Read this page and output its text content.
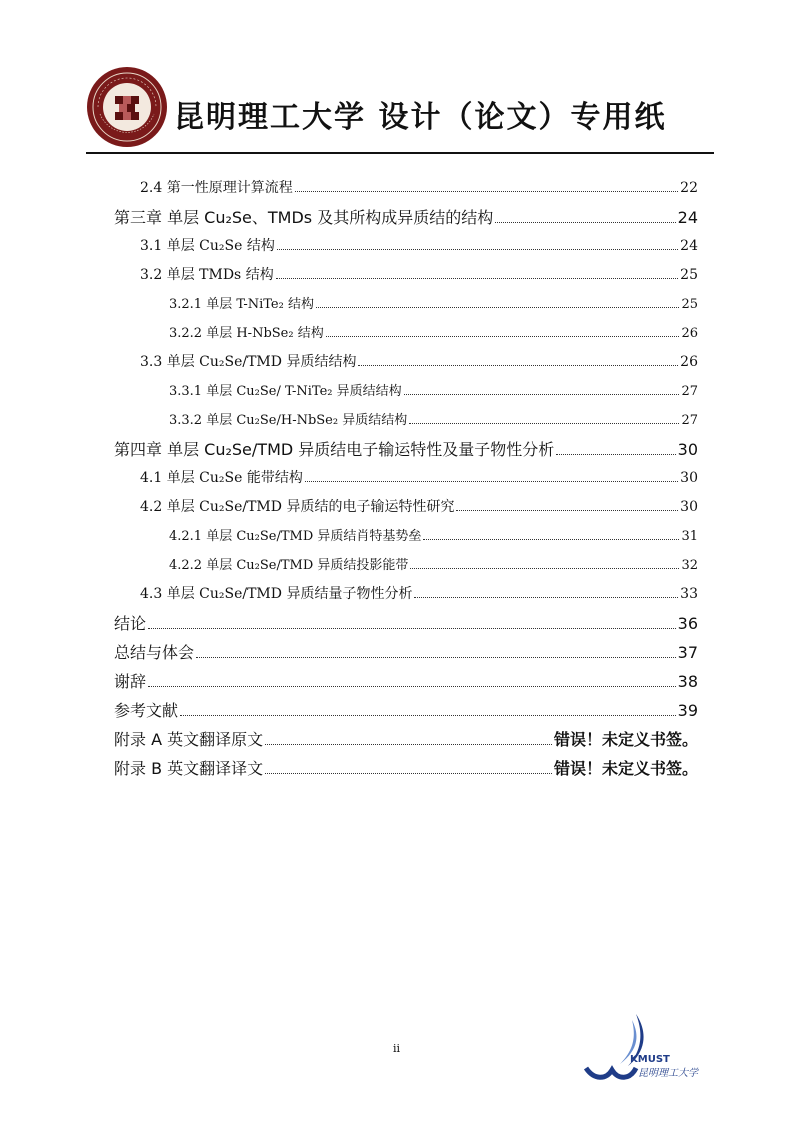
昆明理工大学 设计（论文）专用纸
2.4 第一性原理计算流程	22
第三章 单层 Cu₂Se、TMDs 及其所构成异质结的结构	24
3.1 单层 Cu₂Se 结构	24
3.2 单层 TMDs 结构	25
3.2.1 单层 T-NiTe₂ 结构	25
3.2.2 单层 H-NbSe₂ 结构	26
3.3 单层 Cu₂Se/TMD 异质结结构	26
3.3.1 单层 Cu₂Se/ T-NiTe₂ 异质结结构	27
3.3.2 单层 Cu₂Se/H-NbSe₂ 异质结结构	27
第四章 单层 Cu₂Se/TMD 异质结电子输运特性及量子物性分析	30
4.1 单层 Cu₂Se 能带结构	30
4.2 单层 Cu₂Se/TMD 异质结的电子输运特性研究	30
4.2.1 单层 Cu₂Se/TMD 异质结肖特基势垒	31
4.2.2 单层 Cu₂Se/TMD 异质结投影能带	32
4.3 单层 Cu₂Se/TMD 异质结量子物性分析	33
结论	36
总结与体会	37
谢辞	38
参考文献	39
附录 A 英文翻译原文	错误！未定义书签。
附录 B 英文翻译译文	错误！未定义书签。
ii
KMUST
昆明理工大学
